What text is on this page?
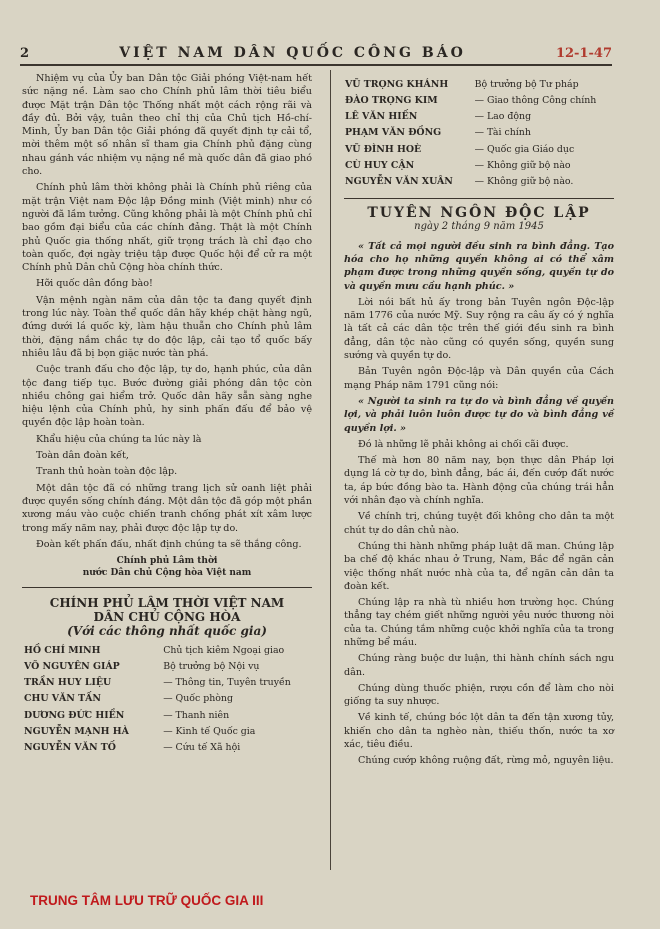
2	VIỆT NAM DÂN QUỐC CÔNG BÁO	12-1-47

Nhiệm vụ của Ủy ban Dân tộc Giải phóng Việt-nam hết sức nặng nề. Làm sao cho Chính phủ lâm thời tiêu biểu được Mặt trận Dân tộc Thống nhất một cách rộng rãi và đầy đủ. Bởi vậy, tuân theo chỉ thị của Chủ tịch Hồ-chí-Minh, Ủy ban Dân tộc Giải phóng đã quyết định tự cải tổ, mời thêm một số nhân sĩ tham gia Chính phủ đặng cùng nhau gánh vác nhiệm vụ nặng nề mà quốc dân đã giao phó cho.

Chính phủ lâm thời không phải là Chính phủ riêng của mặt trận Việt nam Độc lập Đồng minh (Việt minh) như có người đã lầm tưởng. Cũng không phải là một Chính phủ chỉ bao gồm đại biểu của các chính đảng. Thật là một Chính phủ Quốc gia thống nhất, giữ trọng trách là chỉ đạo cho toàn quốc, đợi ngày triệu tập được Quốc hội để cử ra một Chính phủ Dân chủ Cộng hòa chính thức.

Hỡi quốc dân đồng bào!

Vận mệnh ngàn năm của dân tộc ta đang quyết định trong lúc này. Toàn thể quốc dân hãy khép chặt hàng ngũ, đứng dưới lá quốc kỳ, làm hậu thuẫn cho Chính phủ lâm thời, đặng nắm chắc tự do độc lập, cải tạo tổ quốc bấy nhiêu lâu đã bị bọn giặc nước tàn phá.

Cuộc tranh đấu cho độc lập, tự do, hạnh phúc, của dân tộc đang tiếp tục. Bước đường giải phóng dân tộc còn nhiều chông gai hiểm trở. Quốc dân hãy sẵn sàng nghe hiệu lệnh của Chính phủ, hy sinh phấn đấu để bảo vệ quyền độc lập hoàn toàn.

Khẩu hiệu của chúng ta lúc này là

Toàn dân đoàn kết,

Tranh thủ hoàn toàn độc lập.

Một dân tộc đã có những trang lịch sử oanh liệt phải được quyền sống chính đáng. Một dân tộc đã góp một phần xương máu vào cuộc chiến tranh chống phát xít xâm lược trong mấy năm nay, phải được độc lập tự do.

Đoàn kết phấn đấu, nhất định chúng ta sẽ thắng công.

Chính phủ Lâm thời
nước Dân chủ Cộng hòa Việt nam
CHÍNH PHỦ LÂM THỜI VIỆT NAM
DÂN CHỦ CỘNG HÒA
(Với các thông nhất quốc gia)
HỒ CHÍ MINH	Chủ tịch kiêm Ngoại giao
VÕ NGUYÊN GIÁP	Bộ trưởng bộ Nội vụ
TRẦN HUY LIỆU	— Thông tin, Tuyên truyền
CHU VĂN TẤN	— Quốc phòng
DƯƠNG ĐỨC HIỀN	— Thanh niên
NGUYỄN MẠNH HÀ	— Kinh tế Quốc gia
NGUYỄN VĂN TỐ	— Cứu tế Xã hội
VŨ TRỌNG KHÁNH	Bộ trưởng bộ Tư pháp
ĐÀO TRỌNG KIM	— Giao thông Công chính
LÊ VĂN HIẾN	— Lao động
PHẠM VĂN ĐỒNG	— Tài chính
VŨ ĐÌNH HOÈ	— Quốc gia Giáo dục
CÙ HUY CẬN	— Không giữ bộ nào
NGUYỄN VĂN XUÂN	— Không giữ bộ nào.
TUYÊN NGÔN ĐỘC LẬP
ngày 2 tháng 9 năm 1945

« Tất cả mọi người đều sinh ra bình đẳng. Tạo hóa cho họ những quyền không ai có thể xâm phạm được trong những quyền sống, quyền tự do và quyền mưu cầu hạnh phúc. »

Lời nói bất hủ ấy trong bản Tuyên ngôn Độc-lập năm 1776 của nước Mỹ. Suy rộng ra câu ấy có ý nghĩa là tất cả các dân tộc trên thế giới đều sinh ra bình đẳng, dân tộc nào cũng có quyền sống, quyền sung sướng và quyền tự do.

Bản Tuyên ngôn Độc-lập và Dân quyền của Cách mạng Pháp năm 1791 cũng nói:

« Người ta sinh ra tự do và bình đẳng về quyền lợi, và phải luôn luôn được tự do và bình đẳng về quyền lợi. »

Đó là những lẽ phải không ai chối cãi được.

Thế mà hơn 80 năm nay, bọn thực dân Pháp lợi dụng lá cờ tự do, bình đẳng, bác ái, đến cướp đất nước ta, áp bức đồng bào ta. Hành động của chúng trái hẳn với nhân đạo và chính nghĩa.

Về chính trị, chúng tuyệt đối không cho dân ta một chút tự do dân chủ nào.

Chúng thi hành những pháp luật dã man. Chúng lập ba chế độ khác nhau ở Trung, Nam, Bắc để ngăn cản việc thống nhất nước nhà của ta, để ngăn cản dân ta đoàn kết.

Chúng lập ra nhà tù nhiều hơn trường học. Chúng thẳng tay chém giết những người yêu nước thương nòi của ta. Chúng tắm những cuộc khởi nghĩa của ta trong những bể máu.

Chúng ràng buộc dư luận, thi hành chính sách ngu dân.

Chúng dùng thuốc phiện, rượu cồn để làm cho nòi giống ta suy nhược.

Về kinh tế, chúng bóc lột dân ta đến tận xương tủy, khiến cho dân ta nghèo nàn, thiếu thốn, nước ta xơ xác, tiêu điều.

Chúng cướp không ruộng đất, rừng mỏ, nguyên liệu.

TRUNG TÂM LƯU TRỮ QUỐC GIA III
